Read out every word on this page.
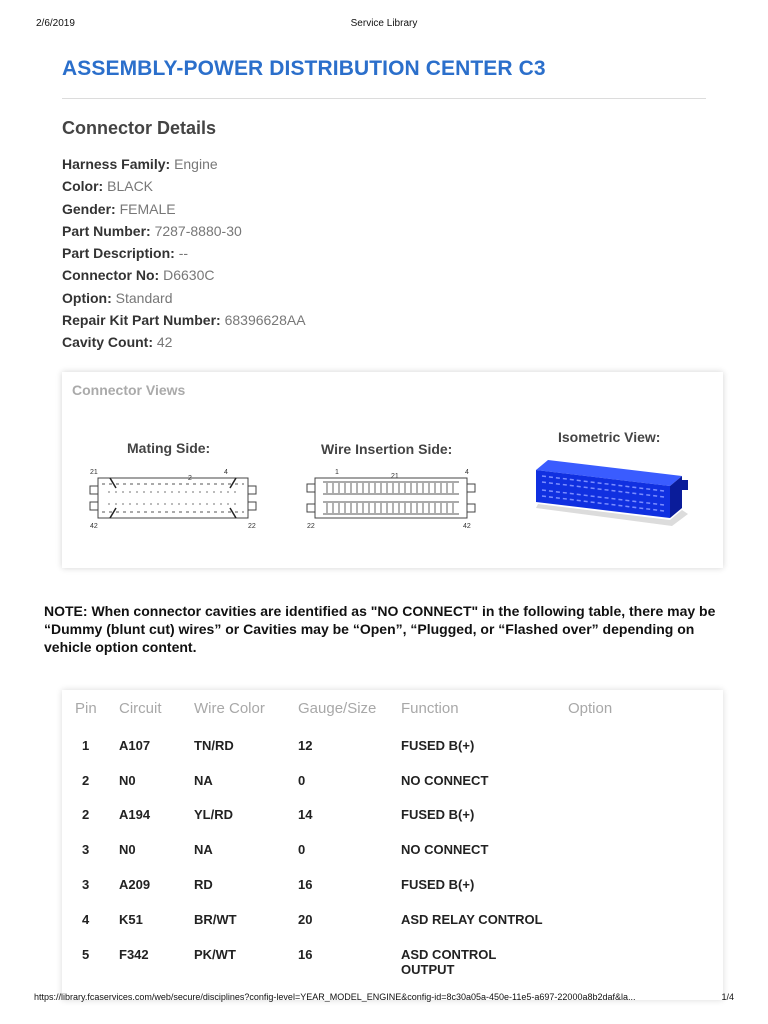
2/6/2019	Service Library
ASSEMBLY-POWER DISTRIBUTION CENTER C3
Connector Details
Harness Family: Engine
Color: BLACK
Gender: FEMALE
Part Number: 7287-8880-30
Part Description: --
Connector No: D6630C
Option: Standard
Repair Kit Part Number: 68396628AA
Cavity Count: 42
Connector Views
Mating Side:
21	4
2
42	22
Wire Insertion Side:
1	4
21
22	42
Isometric View:
NOTE: When connector cavities are identified as "NO CONNECT" in the following table, there may be “Dummy (blunt cut) wires” or Cavities may be “Open”, “Plugged, or “Flashed over” depending on vehicle option content.
Pin Circuit Wire Color Gauge/Size Function	Option
1 A107	TN/RD	12	FUSED B(+)
2 N0	NA	0	NO CONNECT
2 A194	YL/RD	14	FUSED B(+)
3 N0	NA	0	NO CONNECT
3 A209	RD	16	FUSED B(+)
4 K51	BR/WT	20	ASD RELAY CONTROL
5 F342	PK/WT	16	ASD CONTROL
OUTPUT
https://library.fcaservices.com/web/secure/disciplines?config-level=YEAR_MODEL_ENGINE&config-id=8c30a05a-450e-11e5-a697-22000a8b2daf&la...	1/4
